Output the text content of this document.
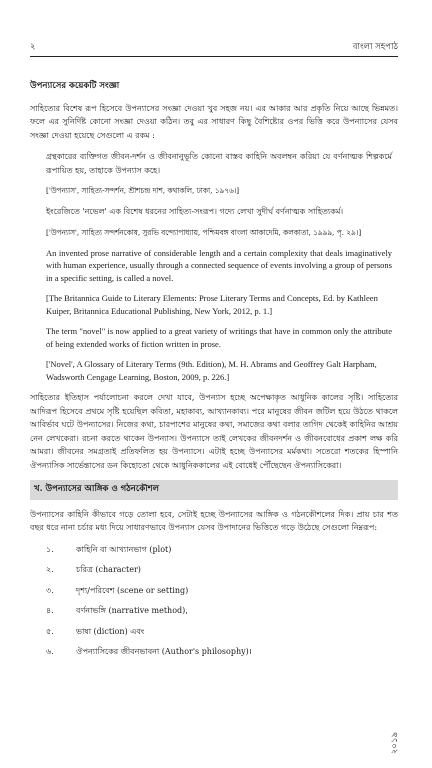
২	বাংলা সহপাঠ
উপন্যাসের কয়েকটি সংজ্ঞা
সাহিত্যের বিশেষ রূপ হিসেবে উপন্যাসের সংজ্ঞা দেওয়া খুব সহজ নয়। এর আকার আর প্রকৃতি নিয়ে আছে ভিন্নমত। ফলে এর সুনির্দিষ্ট কোনো সংজ্ঞা দেওয়া কঠিন। তবু এর সাধারণ কিছু বৈশিষ্ট্যের ওপর ভিত্তি করে উপন্যাসের যেসব সংজ্ঞা দেওয়া হয়েছে সেগুলো এ রকম :
গ্রন্থকারের ব্যক্তিগত জীবন-দর্শন ও জীবনানুভূতি কোনো বাস্তব কাহিনি অবলম্বন করিয়া যে বর্ণনাত্মক শিল্পকর্মে রূপায়িত হয়, তাহাকে উপন্যাস কহে।
['উপন্যাস', সাহিত্য-সন্দর্শন, শ্রীশচন্দ্র দাশ, কথাকলি, ঢাকা, ১৯৭৬।]
ইংরেজিতে 'নভেল' এক বিশেষ ধরনের সাহিত্য-সংরূপ। গদ্যে লেখা সুদীর্ঘ বর্ণনাত্মক সাহিত্যকর্ম।
['উপন্যাস', সাহিত্য সন্দর্শনকোষ, সুরভি বন্দ্যোপাধ্যায়, পশ্চিমবঙ্গ বাংলা আকাদেমি, কলকাতা, ১৯৯৯, পৃ. ২৯।]
An invented prose narrative of considerable length and a certain complexity that deals imaginatively with human experience, usually through a connected sequence of events involving a group of persons in a specific setting, is called a novel.
[The Britannica Guide to Literary Elements: Prose Literary Terms and Concepts, Ed. by Kathleen Kuiper, Britannica Educational Publishing, New York, 2012, p. 1.]
The term "novel" is now applied to a great variety of writings that have in common only the attribute of being extended works of fiction written in prose.
['Novel', A Glossary of Literary Terms (9th. Edition), M. H. Abrams and Geoffrey Galt Harpham, Wadsworth Cengage Learning, Boston, 2009, p. 226.]
সাহিত্যের ইতিহাস পর্যালোচনা করলে দেখা যাবে, উপন্যাস হচ্ছে অপেক্ষাকৃত আধুনিক কালের সৃষ্টি। সাহিত্যের আদিরূপ হিসেবে প্রথমে সৃষ্টি হয়েছিল কবিতা, মহাকাব্য, আখ্যানকাব্য। পরে মানুষের জীবন জটিল হয়ে উঠতে থাকলে আবির্ভাব ঘটে উপন্যাসের। নিজের কথা, চারপাশের মানুষের কথা, সমাজের কথা বলার তাগিদ থেকেই কাহিনির আশ্রয় নেন লেখকেরা। রচনা করতে থাকেন উপন্যাস। উপন্যাসে তাই লেখকের জীবনদর্শন ও জীবনবোধের প্রকাশ লক্ষ করি আমরা। জীবনের সমগ্রতাই প্রতিফলিত হয় উপন্যাসে। এটাই হচ্ছে উপন্যাসের মর্মকথা। সতেরো শতকের হিস্পানি ঔপন্যাসিক সার্ভেন্তাসের ডন কিহোতো থেকে আধুনিককালের এই বোধেই পৌঁছেছেন ঔপন্যাসিকেরা।
খ. উপন্যাসের আঙ্গিক ও গঠনকৌশল
উপন্যাসের কাহিনি কীভাবে গড়ে তোলা হবে, সেটাই হচ্ছে উপন্যাসের আঙ্গিক ও গঠনকৌশলের দিক। প্রায় চার শত বছর ধরে নানা চর্চার মধ্য দিয়ে সাধারণভাবে উপন্যাস যেসব উপাদানের ভিত্তিতে গড়ে উঠেছে সেগুলো নিম্নরূপ:
১.	কাহিনি বা আখ্যানভাগ (plot)
২.	চরিত্র (character)
৩.	দৃশ্য/পরিবেশ (scene or setting)
৪.	বর্ণনাভঙ্গি (narrative method),
৫.	ভাষা (diction) এবং
৬.	ঔপন্যাসিকের জীবনভাবনা (Author's philosophy)।
২০১৯
